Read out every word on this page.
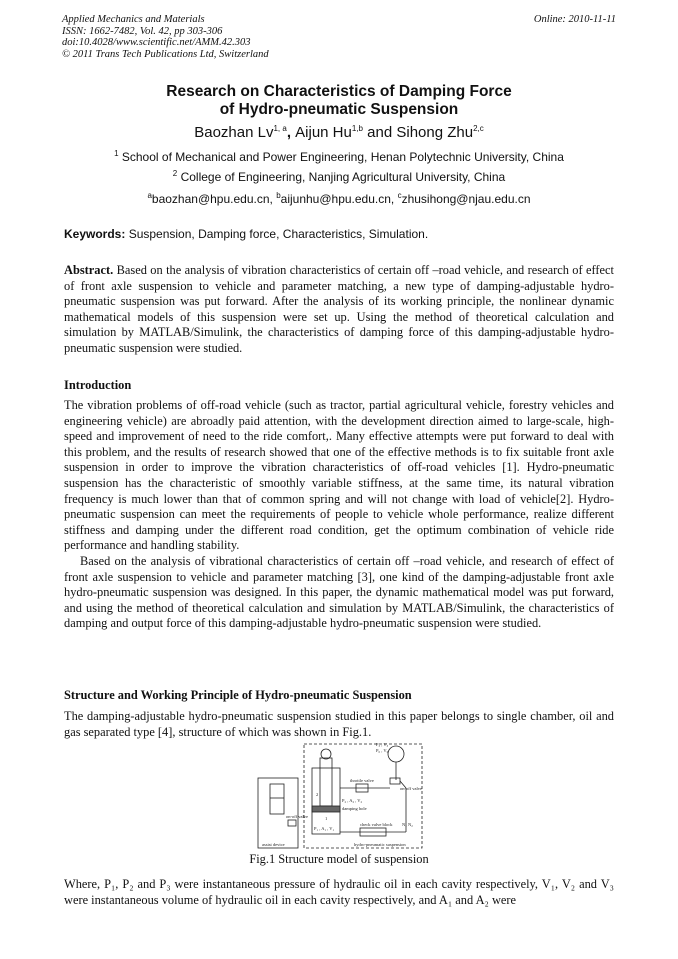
Applied Mechanics and Materials
ISSN: 1662-7482, Vol. 42, pp 303-306
doi:10.4028/www.scientific.net/AMM.42.303
© 2011 Trans Tech Publications Ltd, Switzerland
Online: 2010-11-11
Research on Characteristics of Damping Force
of Hydro-pneumatic Suspension
Baozhan Lv$^{1, a}$, Aijun Hu$^{1,b}$ and Sihong Zhu$^{2,c}$
$^1$ School of Mechanical and Power Engineering, Henan Polytechnic University, China
$^2$ College of Engineering, Nanjing Agricultural University, China
$^a$baozhan@hpu.edu.cn, $^b$aijunhu@hpu.edu.cn, $^c$zhusihong@njau.edu.cn
Keywords: Suspension, Damping force, Characteristics, Simulation.
Abstract. Based on the analysis of vibration characteristics of certain off –road vehicle, and research of effect of front axle suspension to vehicle and parameter matching, a new type of damping-adjustable hydro-pneumatic suspension was put forward. After the analysis of its working principle, the nonlinear dynamic mathematical models of this suspension were set up. Using the method of theoretical calculation and simulation by MATLAB/Simulink, the characteristics of damping force of this damping-adjustable hydro-pneumatic suspension were studied.
Introduction

The vibration problems of off-road vehicle (such as tractor, partial agricultural vehicle, forestry vehicles and engineering vehicle) are abroadly paid attention, with the development direction aimed to large-scale, high-speed and improvement of need to the ride comfort,. Many effective attempts were put forward to deal with this problem, and the results of research showed that one of the effective methods is to fix suitable front axle suspension in order to improve the vibration characteristics of off-road vehicles [1]. Hydro-pneumatic suspension has the characteristic of smoothly variable stiffness, at the same time, its natural vibration frequency is much lower than that of common spring and will not change with load of vehicle[2]. Hydro-pneumatic suspension can meet the requirements of people to vehicle whole performance, realize different stiffness and damping under the different road condition, get the optimum combination of vehicle ride performance and handling stability.

Based on the analysis of vibrational characteristics of certain off –road vehicle, and research of effect of front axle suspension to vehicle and parameter matching [3], one kind of the damping-adjustable front axle hydro-pneumatic suspension was designed. In this paper, the dynamic mathematical model was put forward, and using the method of theoretical calculation and simulation by MATLAB/Simulink, the characteristics of damping and output force of this damping-adjustable hydro-pneumatic suspension were studied.

Structure and Working Principle of Hydro-pneumatic Suspension
The damping-adjustable hydro-pneumatic suspension studied in this paper belongs to single chamber, oil and gas separated type [4], structure of which was shown in Fig.1.
P₃ , V₃
P₀ , V₀
throttle valve
on-off valve
on-off valve
P₂ , A₂ , V₂
damping hole
P₁ , A₁ , V₁
check valve block
1
2
N₁ N₂
assist device	hydro-pneumatic suspension
Fig.1 Structure model of suspension
Where, P₁, P₂ and P₃ were instantaneous pressure of hydraulic oil in each cavity respectively, V₁, V₂ and V₃ were instantaneous volume of hydraulic oil in each cavity respectively, and A₁ and A₂ were
